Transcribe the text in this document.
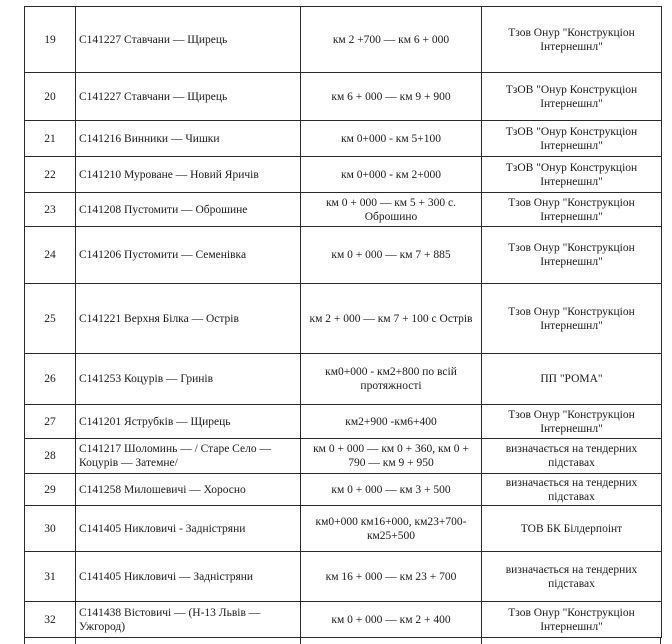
19	С141227 Ставчани — Щирець	км 2 +700 — км 6 + 000	Тзов Онур "Конструкціон Інтернешнл"
20	С141227 Ставчани — Щирець	км 6 + 000 — км 9 + 900	ТзОВ "Онур Конструкціон Інтернешнл"
21	С141216 Винники — Чишки	км 0+000 - км 5+100	ТзОВ "Онур Конструкціон Інтернешнл"
22	С141210 Муроване — Новий Яричів	км 0+000 - км 2+000	ТзОВ "Онур Конструкціон Інтернешнл"
23	С141208 Пустомити — Оброшине	км 0 + 000 — км 5 + 300 с. Оброшино	Тзов Онур "Конструкціон Інтернешнл"
24	С141206 Пустомити — Семенівка	км 0 + 000 — км 7 + 885	Тзов Онур "Конструкціон Інтернешнл"
25	С141221 Верхня Білка — Острів	км 2 + 000 — км 7 + 100 с Острів	Тзов Онур "Конструкціон Інтернешнл"
26	С141253 Коцурів — Гринів	км0+000 - км2+800 по всій протяжності	ПП "РОМА"
27	С141201 Яструбків — Щирець	км2+900 -км6+400	Тзов Онур "Конструкціон Інтернешнл"
28	С141217 Шоломинь — / Старе Село — Коцурів — Затемне/	км 0 + 000 — км 0 + 360, км 0 + 790 — км 9 + 950	визначається на тендерних підставах
29	С141258 Милошевичі — Хоросно	км 0 + 000 — км 3 + 500	визначається на тендерних підставах
30	С141405 Никловичі - Задністряни	км0+000 км16+000, км23+700-км25+500	ТОВ БК Білдерпоінт
31	С141405 Никловичі — Задністряни	км 16 + 000 — км 23 + 700	визначається на тендерних підставах
32	С141438 Вістовичі — (Н-13 Львів — Ужгород)	км 0 + 000 — км 2 + 400	Тзов Онур "Конструкціон Інтернешнл"
